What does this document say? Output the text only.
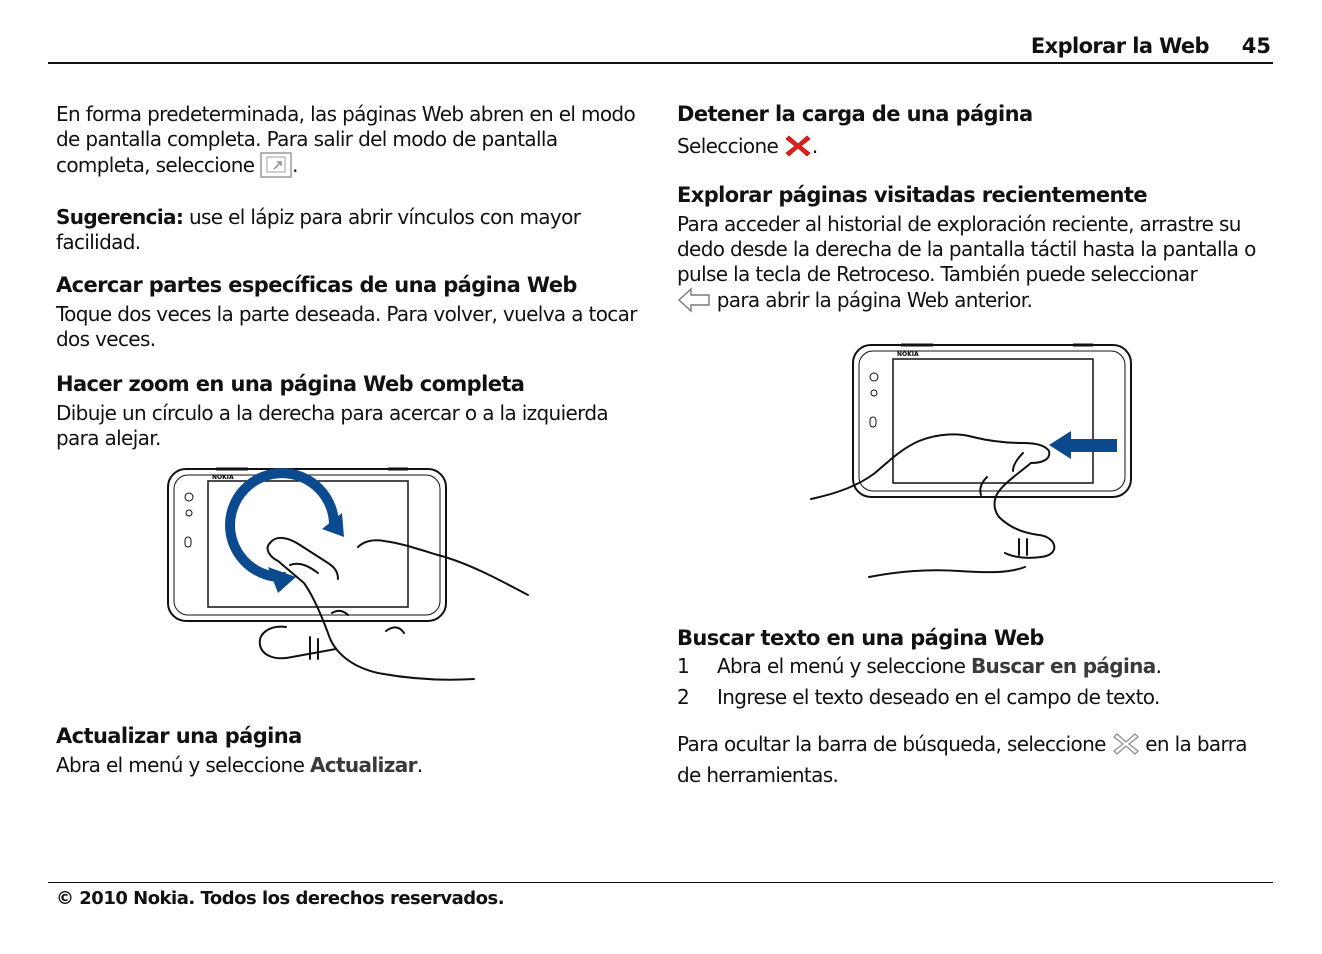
Explorar la Web 45

En forma predeterminada, las páginas Web abren en el modo de pantalla completa. Para salir del modo de pantalla completa, seleccione .

Sugerencia: use el lápiz para abrir vínculos con mayor facilidad.

Acercar partes específicas de una página Web

Toque dos veces la parte deseada. Para volver, vuelva a tocar dos veces.

Hacer zoom en una página Web completa

Dibuje un círculo a la derecha para acercar o a la izquierda para alejar.

NOKIA
Actualizar una página

Abra el menú y seleccione Actualizar.

Detener la carga de una página

Seleccione .

Explorar páginas visitadas recientemente

Para acceder al historial de exploración reciente, arrastre su dedo desde la derecha de la pantalla táctil hasta la pantalla o pulse la tecla de Retroceso. También puede seleccionar
para abrir la página Web anterior.

NOKIA
Buscar texto en una página Web
1 Abra el menú y seleccione Buscar en página.
2 Ingrese el texto deseado en el campo de texto.

Para ocultar la barra de búsqueda, seleccione  en la barra de herramientas.

© 2010 Nokia. Todos los derechos reservados.
